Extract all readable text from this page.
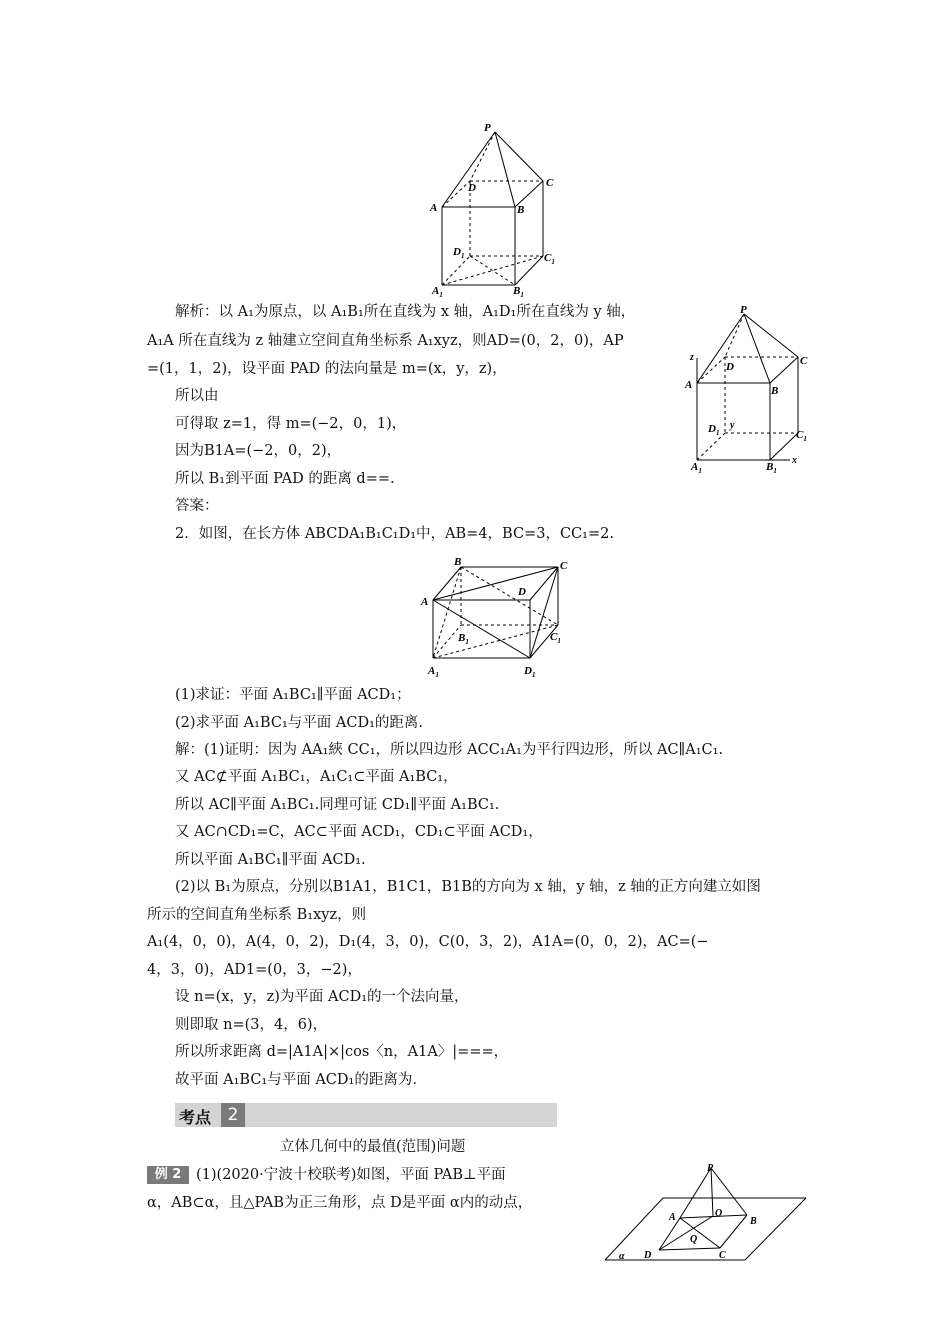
P
A	B
C
D
$D_1$	$C_1$
$A_1$	$B_1$
P
z
A	B
C
D
$D_1$
y
$C_1$
$A_1$	$B_1$
x
A
B	C
D
$B_1$	$C_1$
$A_1$	$D_1$
P
A	B
O
Q
D	C
α
解析：以 A₁为原点，以 A₁B₁所在直线为 x 轴，A₁D₁所在直线为 y 轴，
A₁A 所在直线为 z 轴建立空间直角坐标系 A₁xyz，则AD=(0，2，0)，AP
=(1，1，2)，设平面 PAD 的法向量是 m=(x，y，z)，
所以由
可得取 z=1，得 m=(−2，0，1)，
因为B1A=(−2，0，2)，
所以 B₁到平面 PAD 的距离 d==.
答案：
2．如图，在长方体 ABCDA₁B₁C₁D₁中，AB=4，BC=3，CC₁=2.
(1)求证：平面 A₁BC₁∥平面 ACD₁；
(2)求平面 A₁BC₁与平面 ACD₁的距离.
解：(1)证明：因为 AA₁綊 CC₁，所以四边形 ACC₁A₁为平行四边形，所以 AC∥A₁C₁.
又 AC⊄平面 A₁BC₁，A₁C₁⊂平面 A₁BC₁，
所以 AC∥平面 A₁BC₁.同理可证 CD₁∥平面 A₁BC₁.
又 AC∩CD₁=C，AC⊂平面 ACD₁，CD₁⊂平面 ACD₁，
所以平面 A₁BC₁∥平面 ACD₁.
(2)以 B₁为原点，分别以B1A1，B1C1，B1B的方向为 x 轴，y 轴，z 轴的正方向建立如图
所示的空间直角坐标系 B₁xyz，则
A₁(4，0，0)，A(4，0，2)，D₁(4，3，0)，C(0，3，2)，A1A=(0，0，2)，AC=(−
4，3，0)，AD1=(0，3，−2)，
设 n=(x，y，z)为平面 ACD₁的一个法向量，
则即取 n=(3，4，6)，
所以所求距离 d=|A1A|×|cos〈n，A1A〉|===，
故平面 A₁BC₁与平面 ACD₁的距离为.
考点 2
立体几何中的最值(范围)问题
例 2	(1)(2020·宁波十校联考)如图，平面 PAB⊥平面
α，AB⊂α，且△PAB为正三角形，点 D是平面 α内的动点，
